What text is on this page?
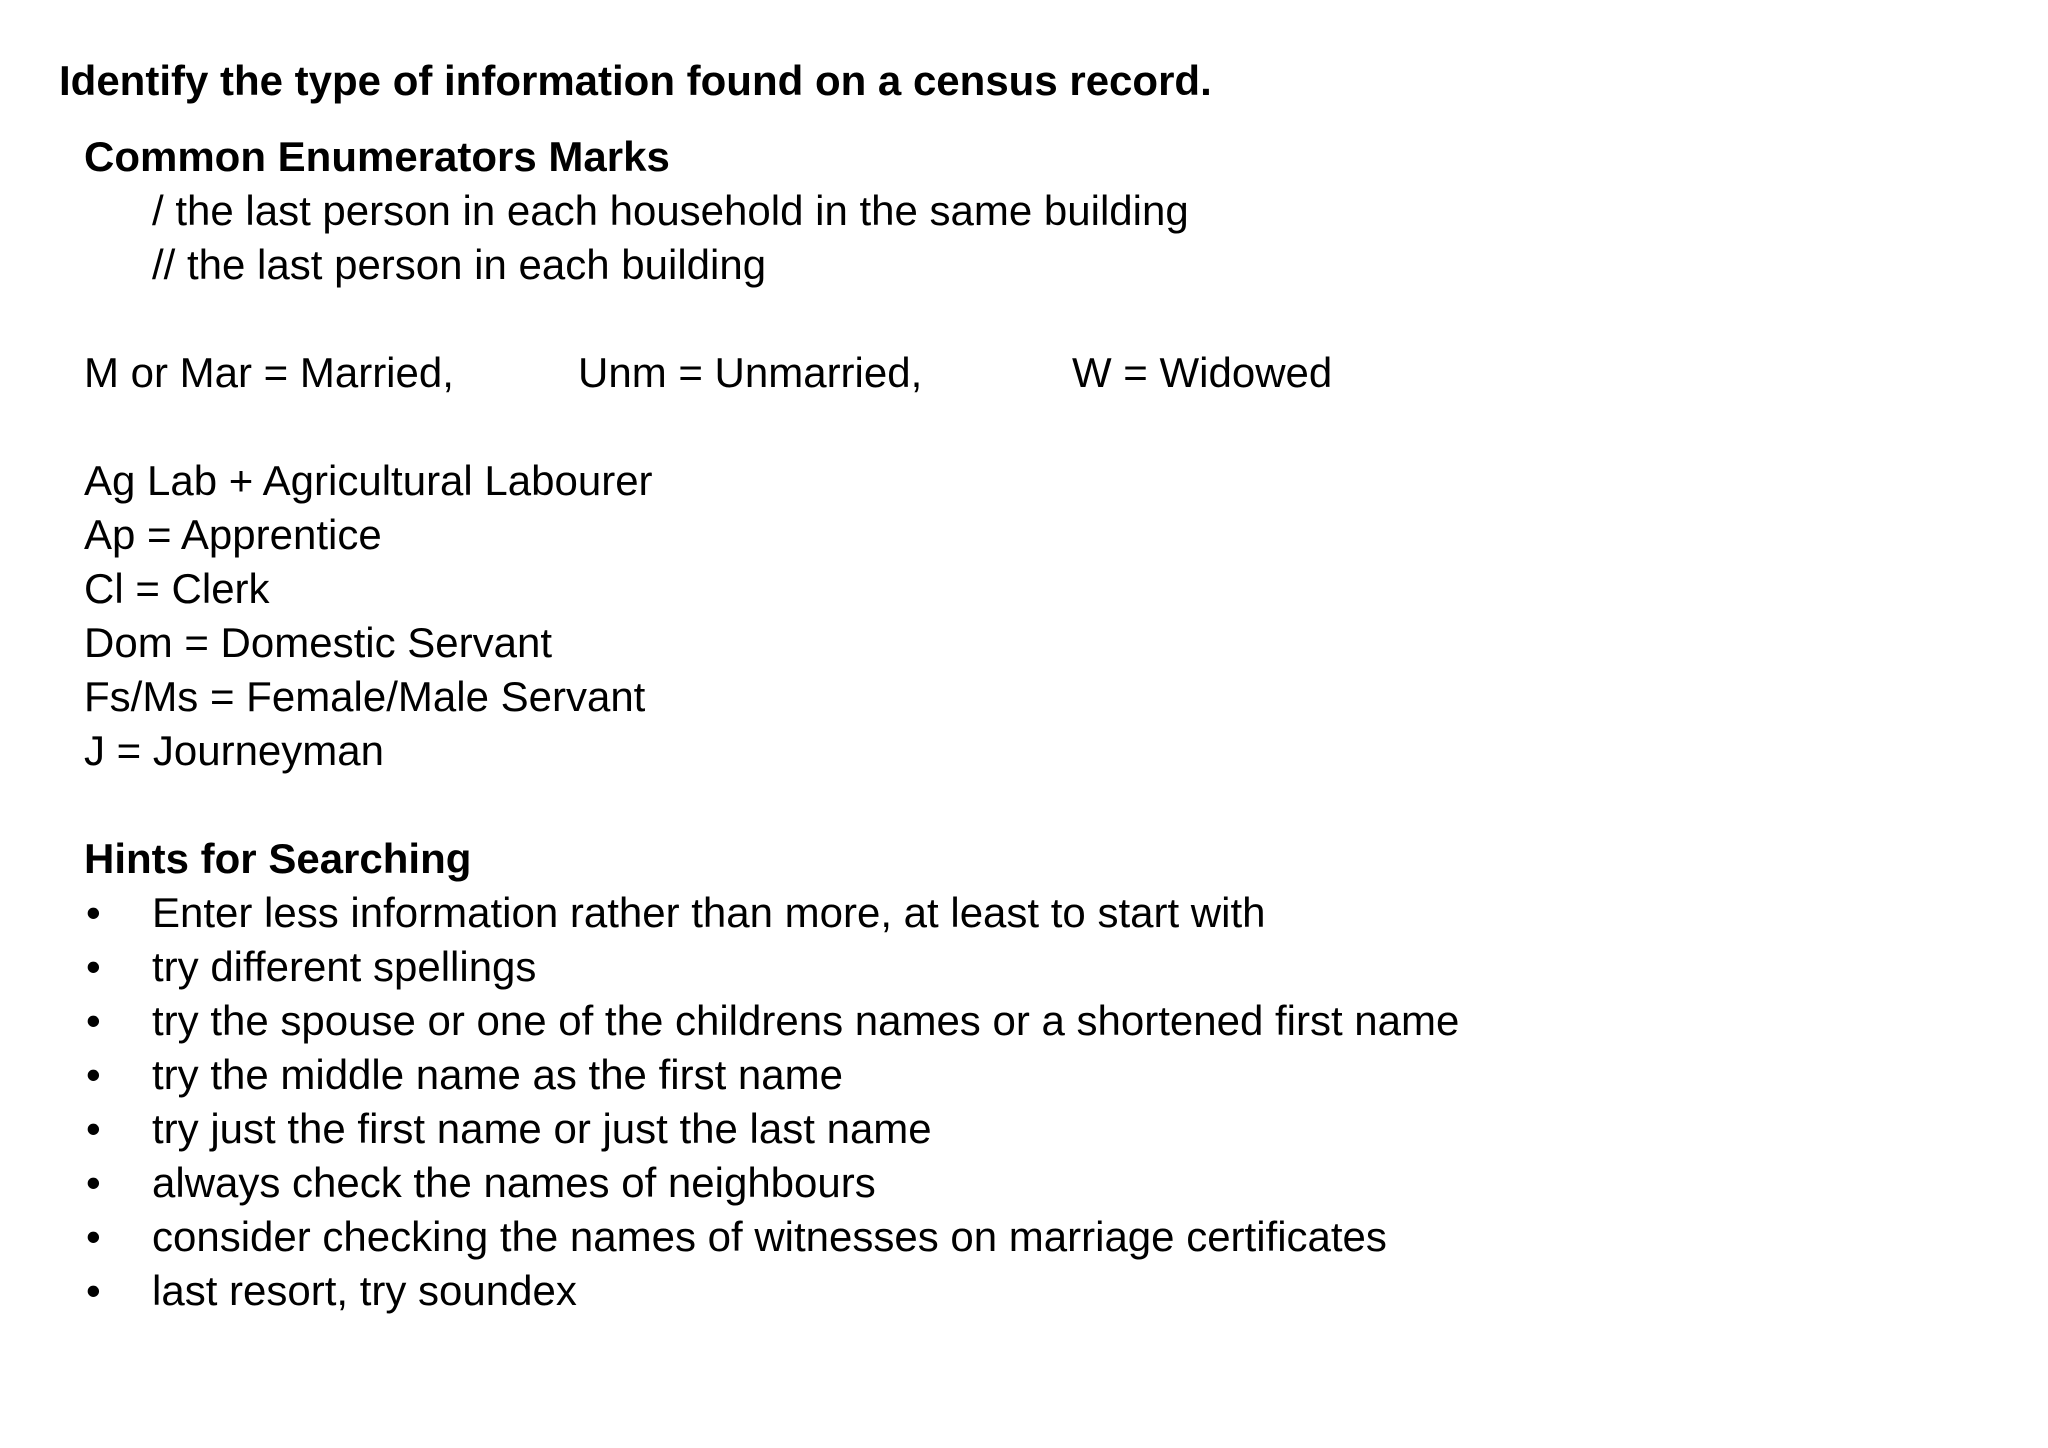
Identify the type of information found on a census record.
Common Enumerators Marks
/ the last person in each household in the same building
// the last person in each building
M or Mar = Married,	Unm = Unmarried,	W = Widowed
Ag Lab + Agricultural Labourer
Ap = Apprentice
Cl = Clerk
Dom = Domestic Servant
Fs/Ms = Female/Male Servant
J = Journeyman
Hints for Searching
•	Enter less information rather than more, at least to start with
•	try different spellings
•	try the spouse or one of the childrens names or a shortened first name
•	try the middle name as the first name
•	try just the first name or just the last name
•	always check the names of neighbours
•	consider checking the names of witnesses on marriage certificates
•	last resort, try soundex
